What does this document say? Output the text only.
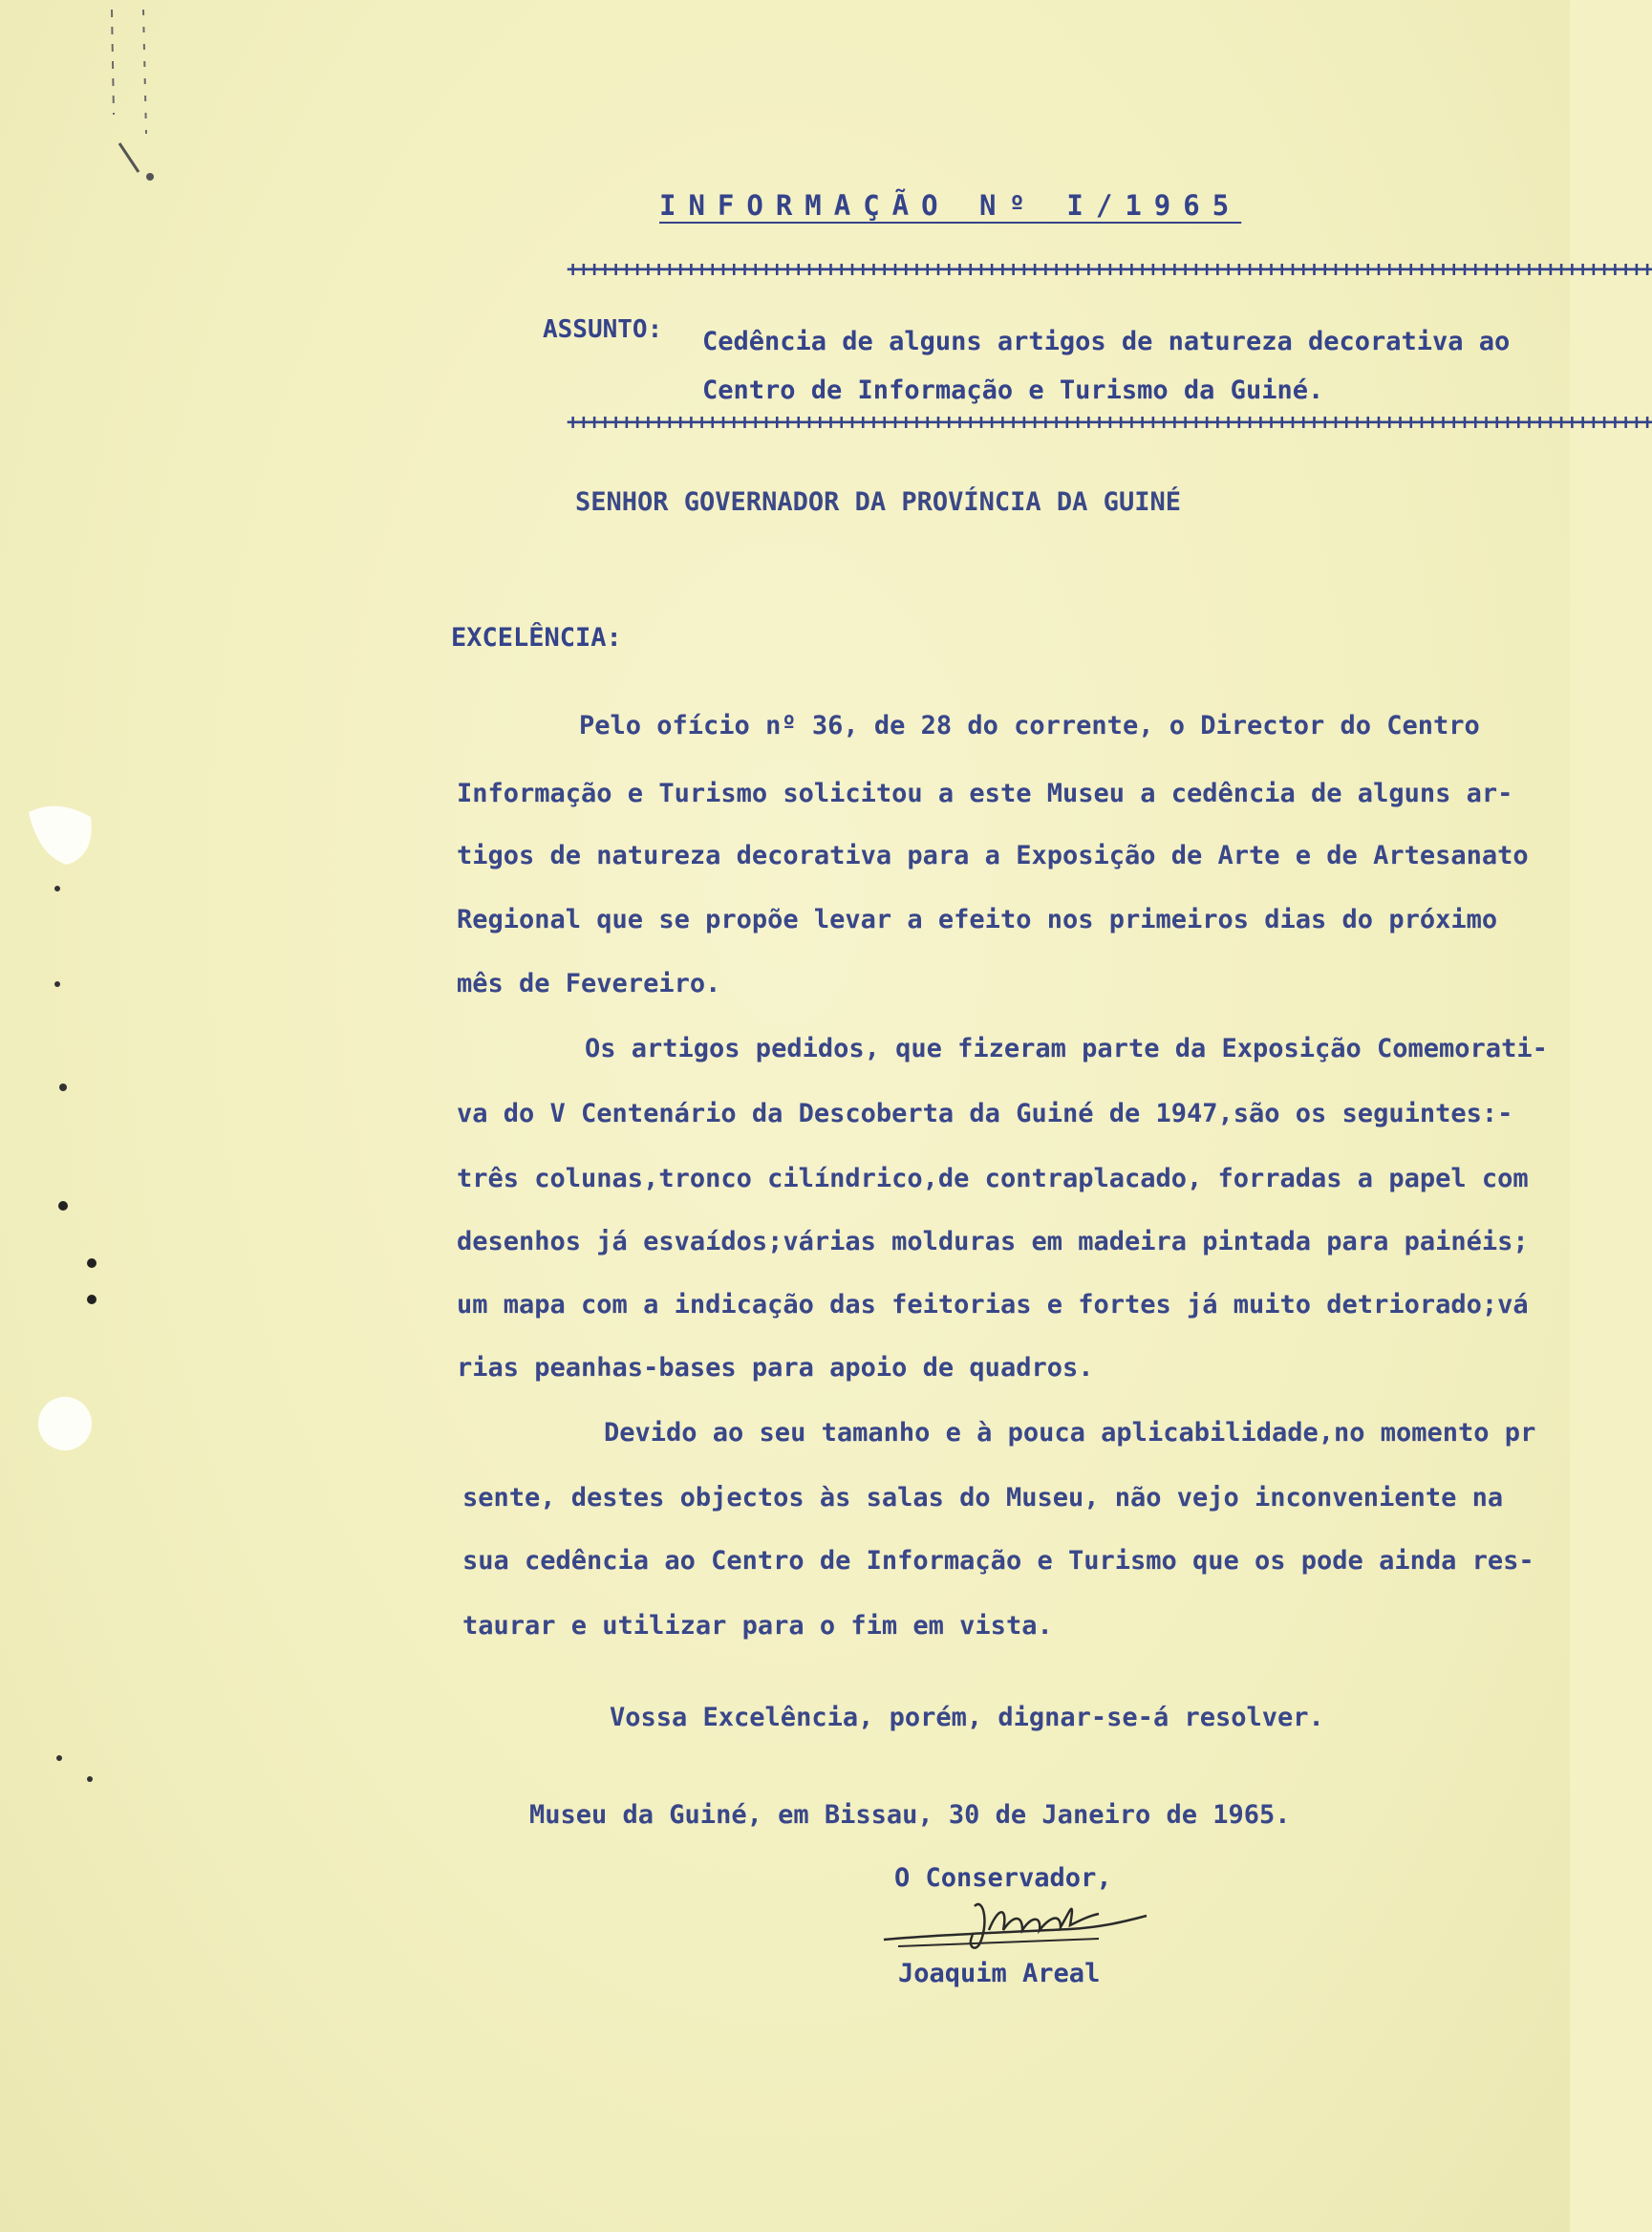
INFORMAÇÃO Nº I/1965
+++++++++++++++++++++++++++++++++++++++++++++++++++++++++++++++++++++++++++++++++++++++++++++++++++++
ASSUNTO: Cedência de alguns artigos de natureza decorativa ao
Centro de Informação e Turismo da Guiné.
+++++++++++++++++++++++++++++++++++++++++++++++++++++++++++++++++++++++++++++++++++++++++++++++++++++
SENHOR GOVERNADOR DA PROVÍNCIA DA GUINÉ
EXCELÊNCIA:
Pelo ofício nº 36, de 28 do corrente, o Director do Centro
Informação e Turismo solicitou a este Museu a cedência de alguns ar-
tigos de natureza decorativa para a Exposição de Arte e de Artesanato
Regional que se propõe levar a efeito nos primeiros dias do próximo
mês de Fevereiro.
Os artigos pedidos, que fizeram parte da Exposição Comemorati-
va do V Centenário da Descoberta da Guiné de 1947,são os seguintes:-
três colunas,tronco cilíndrico,de contraplacado, forradas a papel com
desenhos já esvaídos;várias molduras em madeira pintada para painéis;
um mapa com a indicação das feitorias e fortes já muito detriorado;vá
rias peanhas-bases para apoio de quadros.
Devido ao seu tamanho e à pouca aplicabilidade,no momento pr
sente, destes objectos às salas do Museu, não vejo inconveniente na
sua cedência ao Centro de Informação e Turismo que os pode ainda res-
taurar e utilizar para o fim em vista.
Vossa Excelência, porém, dignar-se-á resolver.
Museu da Guiné, em Bissau, 30 de Janeiro de 1965.
O Conservador,
Joaquim Areal
